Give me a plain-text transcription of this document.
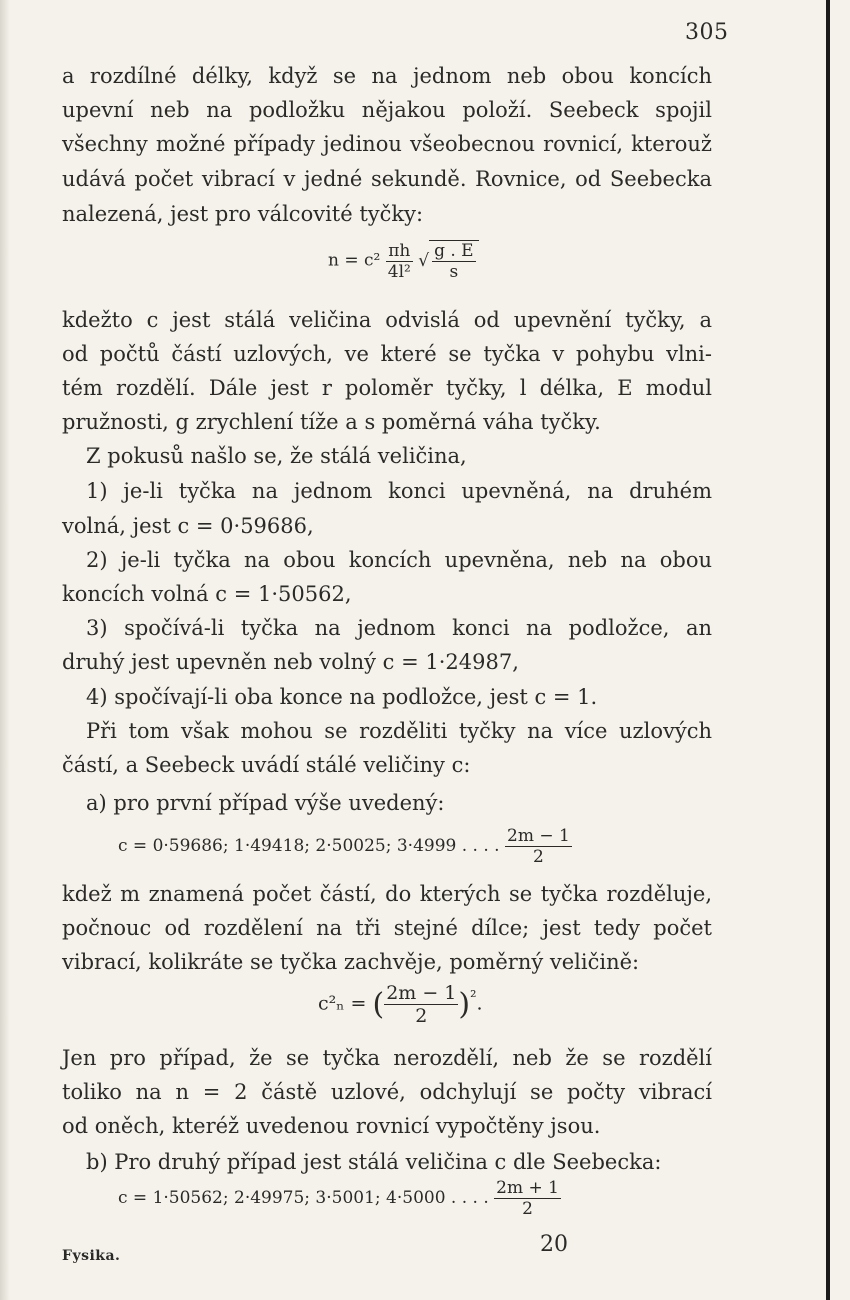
305
a rozdílné délky, když se na jednom neb obou koncích
upevní neb na podložku nějakou položí. Seebeck spojil
všechny možné případy jedinou všeobecnou rovnicí, kterouž
udává počet vibrací v jedné sekundě. Rovnice, od Seebecka
nalezená, jest pro válcovité tyčky:
$n = c^2 \frac{\pi h}{\text{4l²}}$ √ $\frac{g . E}{s}$
kdežto c jest stálá veličina odvislá od upevnění tyčky, a
od počtů částí uzlových, ve které se tyčka v pohybu vlni-
tém rozdělí. Dále jest r poloměr tyčky, l délka, E modul
pružnosti, g zrychlení tíže a s poměrná váha tyčky.
Z pokusů našlo se, že stálá veličina,
1) je-li tyčka na jednom konci upevněná, na druhém
volná, jest c = 0·59686,
2) je-li tyčka na obou koncích upevněna, neb na obou
koncích volná c = 1·50562,
3) spočívá-li tyčka na jednom konci na podložce, an
druhý jest upevněn neb volný c = 1·24987,
4) spočívají-li oba konce na podložce, jest c = 1.
Při tom však mohou se rozděliti tyčky na více uzlových
částí, a Seebeck uvádí stálé veličiny c:
a) pro první případ výše uvedený:
c = 0·59686; 1·49418; 2·50025; 3·4999 . . . . $\frac{2m - 1}{2}$
kdež m znamená počet částí, do kterých se tyčka rozděluje,
počnouc od rozdělení na tři stejné dílce; jest tedy počet
vibrací, kolikráte se tyčka zachvěje, poměrný veličině:
c²ₙ = ( $\frac{2m - 1}{2} )^{^2}$.
Jen pro případ, že se tyčka nerozdělí, neb že se rozdělí
toliko na n = 2 částě uzlové, odchylují se počty vibrací
od oněch, kteréž uvedenou rovnicí vypočtěny jsou.
b) Pro druhý případ jest stálá veličina c dle Seebecka:
c = 1·50562; 2·49975; 3·5001; 4·5000 . . . . $\frac{2m + 1}{2}$
Fysika.	20
